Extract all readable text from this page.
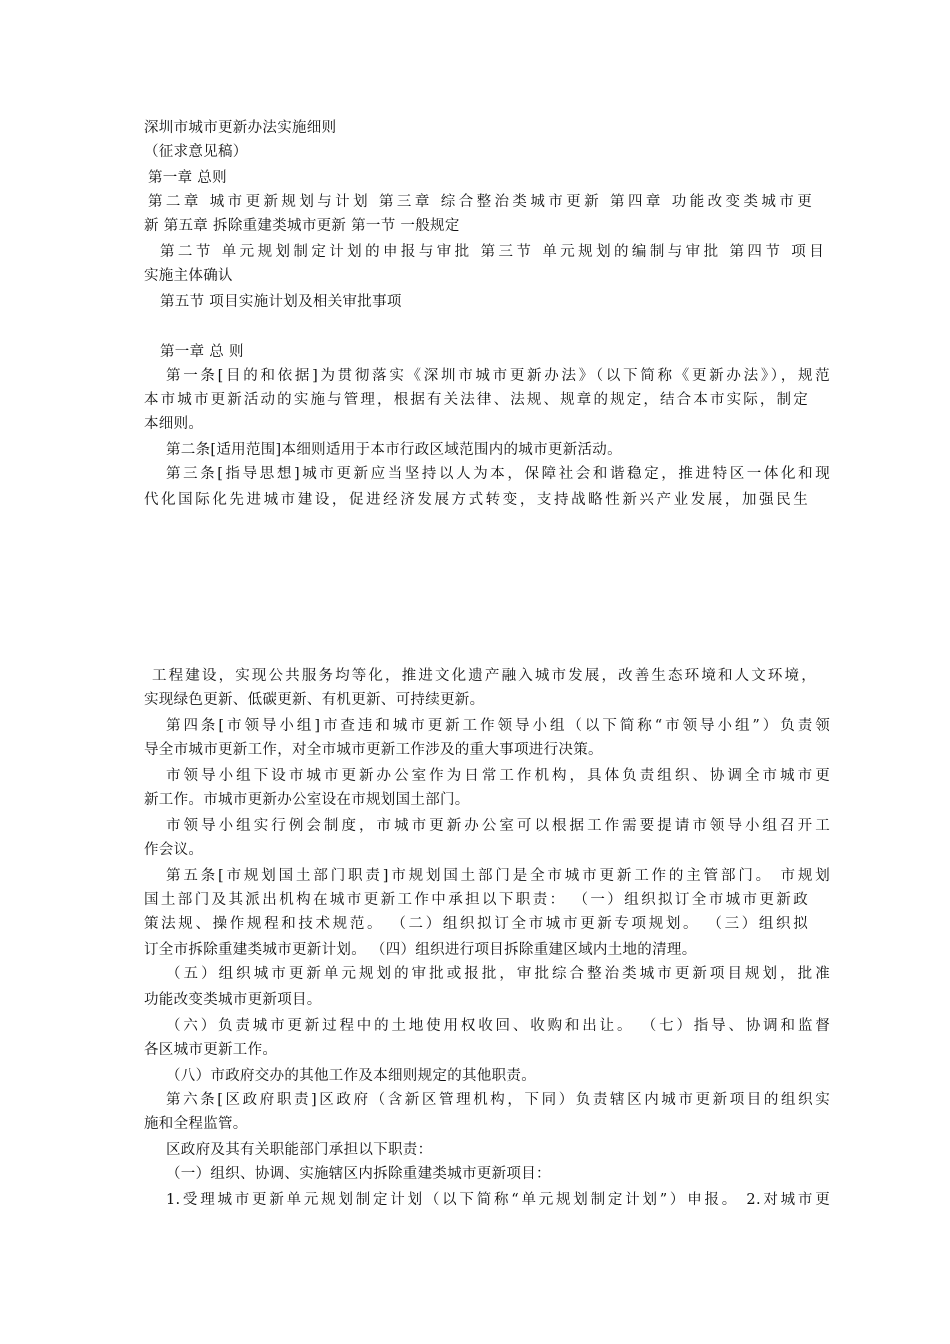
深圳市城市更新办法实施细则
（征求意见稿）
第一章 总则
第二章 城市更新规划与计划 第三章 综合整治类城市更新 第四章 功能改变类城市更
新 第五章 拆除重建类城市更新 第一节 一般规定
第二节 单元规划制定计划的申报与审批 第三节 单元规划的编制与审批 第四节 项目
实施主体确认
第五节 项目实施计划及相关审批事项
第一章 总 则
第一条[目的和依据]为贯彻落实《深圳市城市更新办法》（以下简称《更新办法》），规范
本市城市更新活动的实施与管理，根据有关法律、法规、规章的规定，结合本市实际，制定
本细则。
第二条[适用范围]本细则适用于本市行政区域范围内的城市更新活动。
第三条[指导思想]城市更新应当坚持以人为本，保障社会和谐稳定，推进特区一体化和现
代化国际化先进城市建设，促进经济发展方式转变，支持战略性新兴产业发展，加强民生
工程建设，实现公共服务均等化，推进文化遗产融入城市发展，改善生态环境和人文环境，
实现绿色更新、低碳更新、有机更新、可持续更新。
第四条[市领导小组]市查违和城市更新工作领导小组（以下简称“市领导小组”）负责领
导全市城市更新工作，对全市城市更新工作涉及的重大事项进行决策。
市领导小组下设市城市更新办公室作为日常工作机构，具体负责组织、协调全市城市更
新工作。市城市更新办公室设在市规划国土部门。
市领导小组实行例会制度，市城市更新办公室可以根据工作需要提请市领导小组召开工
作会议。
第五条[市规划国土部门职责]市规划国土部门是全市城市更新工作的主管部门。 市规划
国土部门及其派出机构在城市更新工作中承担以下职责： （一）组织拟订全市城市更新政
策法规、操作规程和技术规范。 （二）组织拟订全市城市更新专项规划。 （三）组织拟
订全市拆除重建类城市更新计划。 （四）组织进行项目拆除重建区域内土地的清理。
（五）组织城市更新单元规划的审批或报批，审批综合整治类城市更新项目规划，批准
功能改变类城市更新项目。
（六）负责城市更新过程中的土地使用权收回、收购和出让。 （七）指导、协调和监督
各区城市更新工作。
（八）市政府交办的其他工作及本细则规定的其他职责。
第六条[区政府职责]区政府（含新区管理机构，下同）负责辖区内城市更新项目的组织实
施和全程监管。
区政府及其有关职能部门承担以下职责：
（一）组织、协调、实施辖区内拆除重建类城市更新项目：
1.受理城市更新单元规划制定计划（以下简称“单元规划制定计划”）申报。 2.对城市更
